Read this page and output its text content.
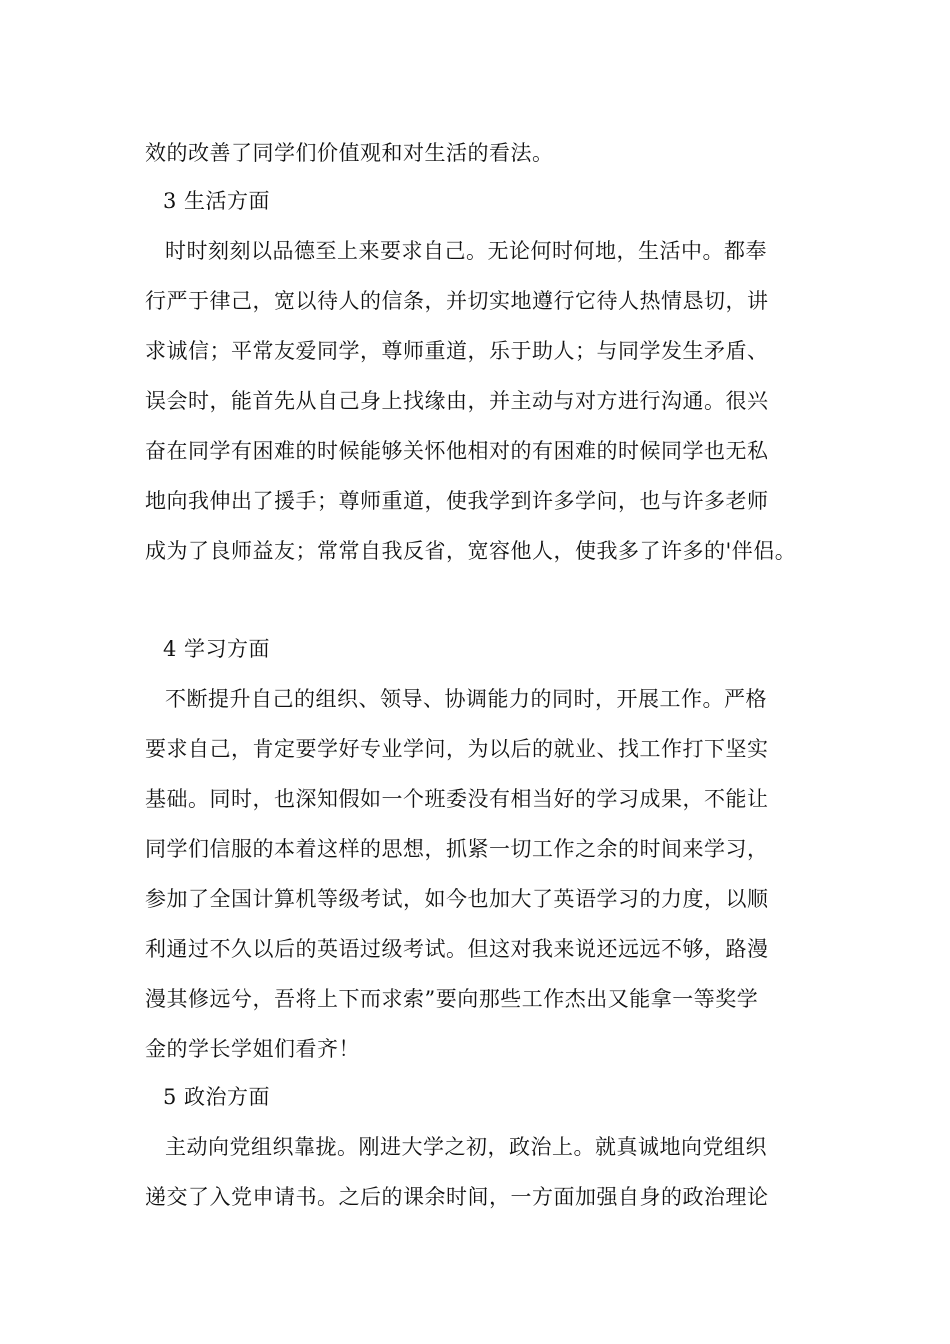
效的改善了同学们价值观和对生活的看法。

3 生活方面

时时刻刻以品德至上来要求自己。无论何时何地，生活中。都奉

行严于律己，宽以待人的信条，并切实地遵行它待人热情恳切，讲

求诚信；平常友爱同学，尊师重道，乐于助人；与同学发生矛盾、

误会时，能首先从自己身上找缘由，并主动与对方进行沟通。很兴

奋在同学有困难的时候能够关怀他相对的有困难的时候同学也无私

地向我伸出了援手；尊师重道，使我学到许多学问，也与许多老师

成为了良师益友；常常自我反省，宽容他人，使我多了许多的'伴侣。

4 学习方面

不断提升自己的组织、领导、协调能力的同时，开展工作。严格

要求自己，肯定要学好专业学问，为以后的就业、找工作打下坚实

基础。同时，也深知假如一个班委没有相当好的学习成果，不能让

同学们信服的本着这样的思想，抓紧一切工作之余的时间来学习，

参加了全国计算机等级考试，如今也加大了英语学习的力度，以顺

利通过不久以后的英语过级考试。但这对我来说还远远不够，路漫

漫其修远兮，吾将上下而求索”要向那些工作杰出又能拿一等奖学

金的学长学姐们看齐！

5 政治方面

主动向党组织靠拢。刚进大学之初，政治上。就真诚地向党组织

递交了入党申请书。之后的课余时间，一方面加强自身的政治理论
